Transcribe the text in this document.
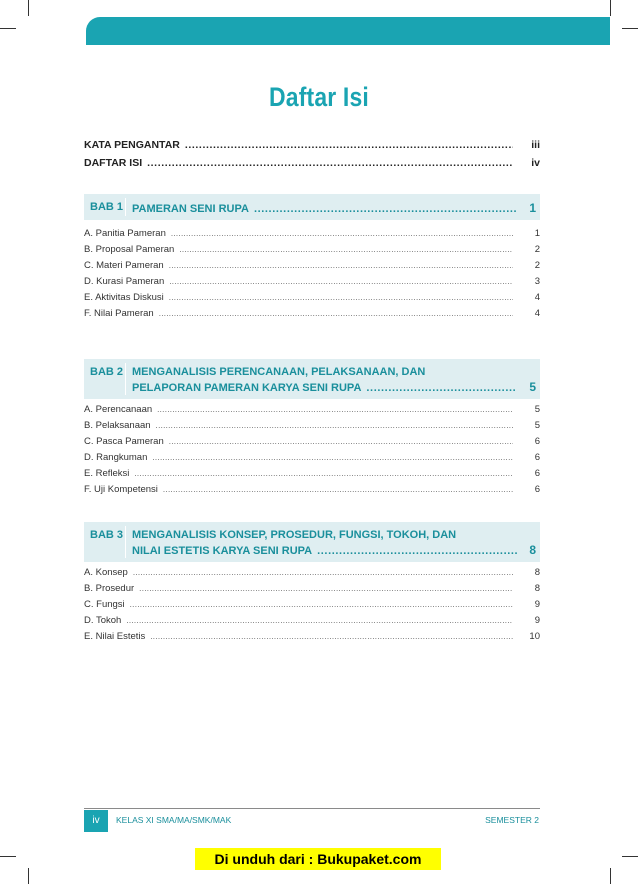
Daftar Isi
KATA PENGANTAR .....	iii
DAFTAR ISI .....	iv
BAB 1 PAMERAN SENI RUPA .....	1
A. Panitia Pameran .....	1
B. Proposal Pameran .....	2
C. Materi Pameran .....	2
D. Kurasi Pameran .....	3
E. Aktivitas Diskusi .....	4
F. Nilai Pameran .....	4
BAB 2 MENGANALISIS PERENCANAAN, PELAKSANAAN, DAN
PELAPORAN PAMERAN KARYA SENI RUPA .....	5
A. Perencanaan .....	5
B. Pelaksanaan .....	5
C. Pasca Pameran .....	6
D. Rangkuman .....	6
E. Refleksi .....	6
F. Uji Kompetensi .....	6
BAB 3 MENGANALISIS KONSEP, PROSEDUR, FUNGSI, TOKOH, DAN
NILAI ESTETIS KARYA SENI RUPA .....	8
A. Konsep .....	8
B. Prosedur .....	8
C. Fungsi .....	9
D. Tokoh .....	9
E. Nilai Estetis .....	10
iv	KELAS XI SMA/MA/SMK/MAK	SEMESTER 2
Di unduh dari : Bukupaket.com
